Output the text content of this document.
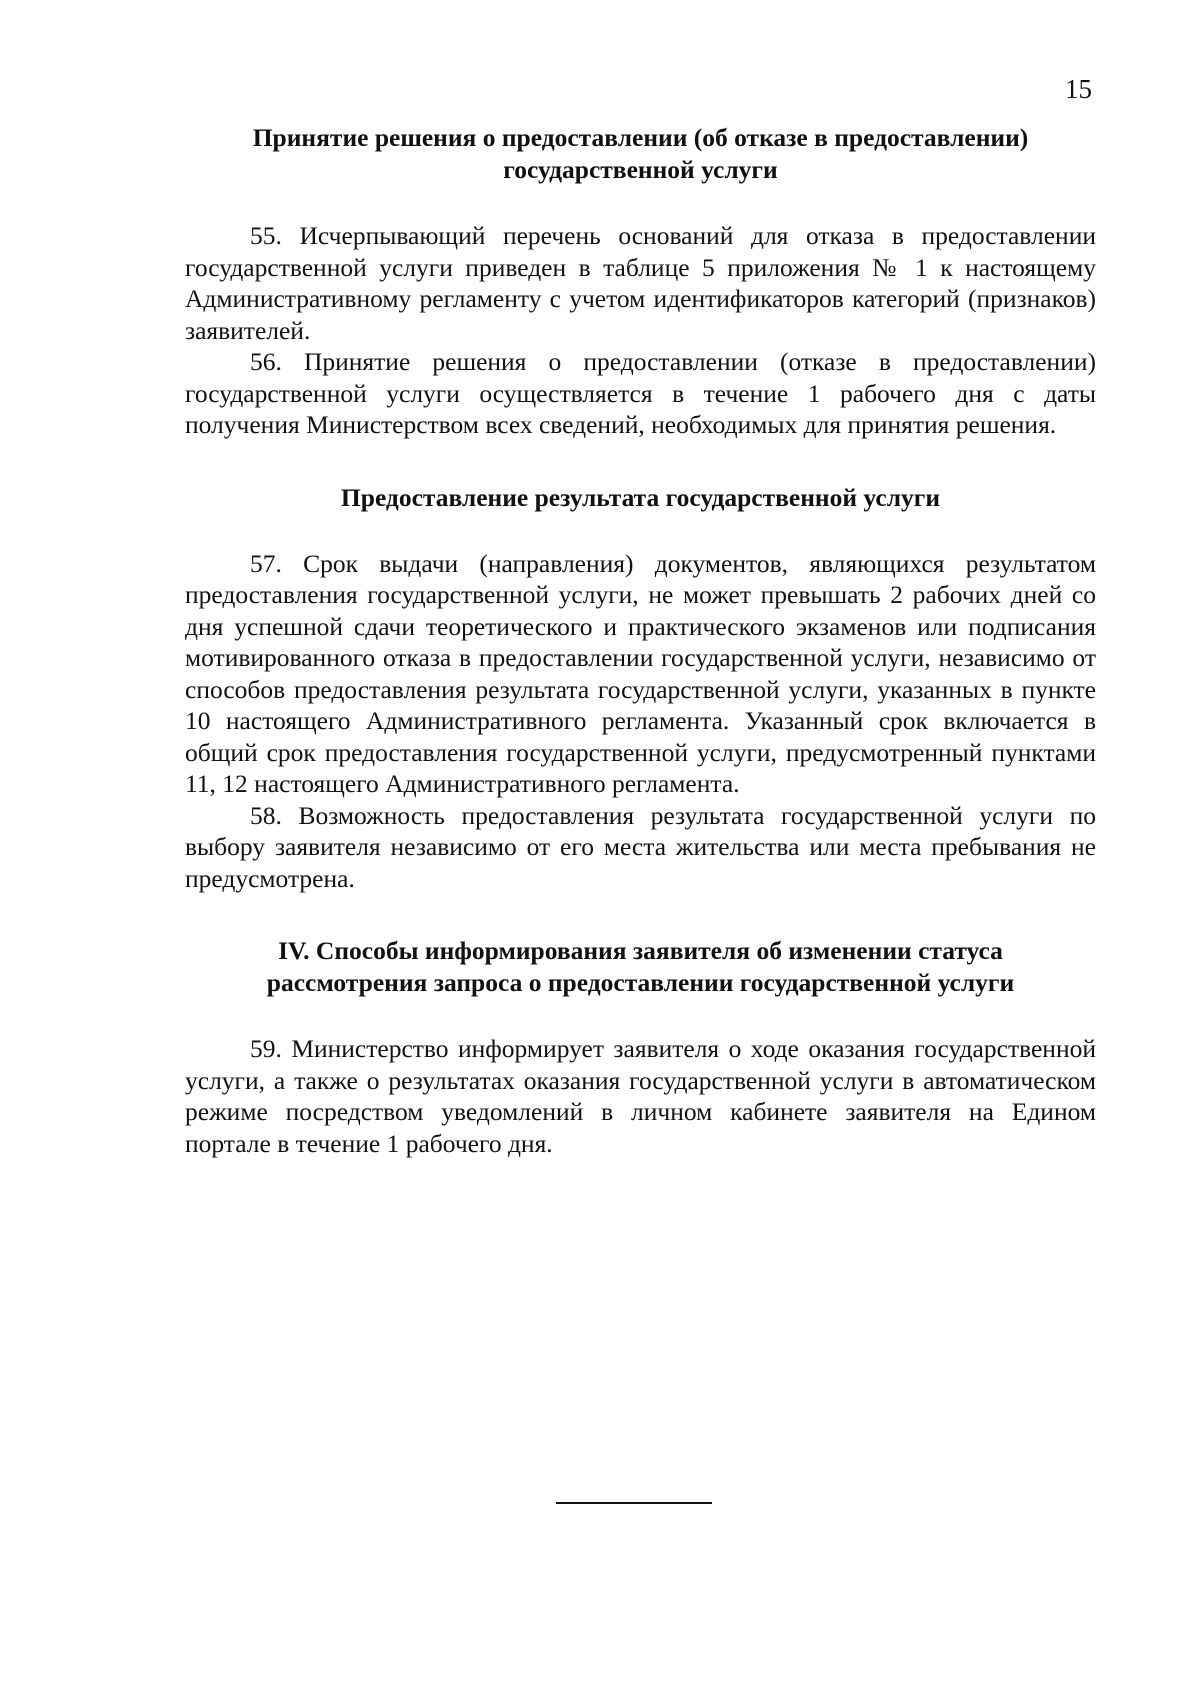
15
Принятие решения о предоставлении (об отказе в предоставлении)
государственной услуги

55. Исчерпывающий перечень оснований для отказа в предоставлении государственной услуги приведен в таблице 5 приложения № 1 к настоящему Административному регламенту с учетом идентификаторов категорий (признаков) заявителей.

56. Принятие решения о предоставлении (отказе в предоставлении) государственной услуги осуществляется в течение 1 рабочего дня с даты получения Министерством всех сведений, необходимых для принятия решения.

Предоставление результата государственной услуги

57. Срок выдачи (направления) документов, являющихся результатом предоставления государственной услуги, не может превышать 2 рабочих дней со дня успешной сдачи теоретического и практического экзаменов или подписания мотивированного отказа в предоставлении государственной услуги, независимо от способов предоставления результата государственной услуги, указанных в пункте 10 настоящего Административного регламента. Указанный срок включается в общий срок предоставления государственной услуги, предусмотренный пунктами 11, 12 настоящего Административного регламента.

58. Возможность предоставления результата государственной услуги по выбору заявителя независимо от его места жительства или места пребывания не предусмотрена.

IV. Способы информирования заявителя об изменении статуса
рассмотрения запроса о предоставлении государственной услуги

59. Министерство информирует заявителя о ходе оказания государственной услуги, а также о результатах оказания государственной услуги в автоматическом режиме посредством уведомлений в личном кабинете заявителя на Едином портале в течение 1 рабочего дня.
